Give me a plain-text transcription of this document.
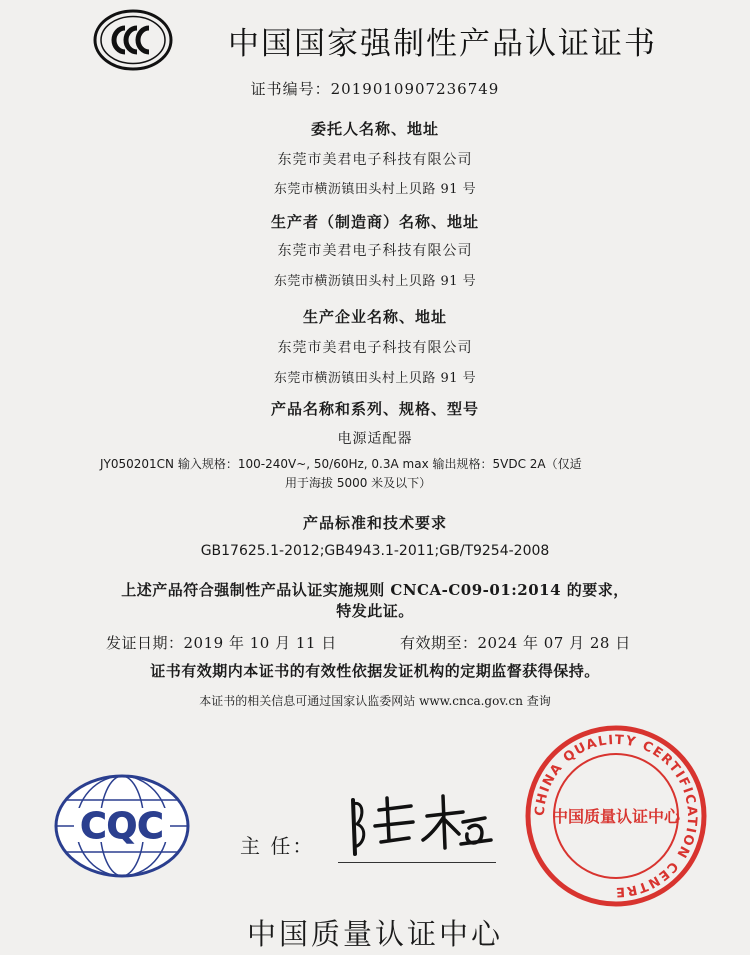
中国国家强制性产品认证证书
证书编号：2019010907236749
委托人名称、地址
东莞市美君电子科技有限公司
东莞市横沥镇田头村上贝路 91 号
生产者（制造商）名称、地址
东莞市美君电子科技有限公司
东莞市横沥镇田头村上贝路 91 号
生产企业名称、地址
东莞市美君电子科技有限公司
东莞市横沥镇田头村上贝路 91 号
产品名称和系列、规格、型号
电源适配器
JY050201CN 输入规格：100-240V~, 50/60Hz, 0.3A max 输出规格：5VDC 2A（仅适
用于海拔 5000 米及以下）
产品标准和技术要求
GB17625.1-2012;GB4943.1-2011;GB/T9254-2008
上述产品符合强制性产品认证实施规则 CNCA-C09-01:2014 的要求，
特发此证。
发证日期：2019 年 10 月 11 日	有效期至：2024 年 07 月 28 日
证书有效期内本证书的有效性依据发证机构的定期监督获得保持。
本证书的相关信息可通过国家认监委网站 www.cnca.gov.cn 查询
CQC	主 任：
CHINA QUALITY CERTIFICATION CENTRE
中国质量认证中心
中国质量认证中心
